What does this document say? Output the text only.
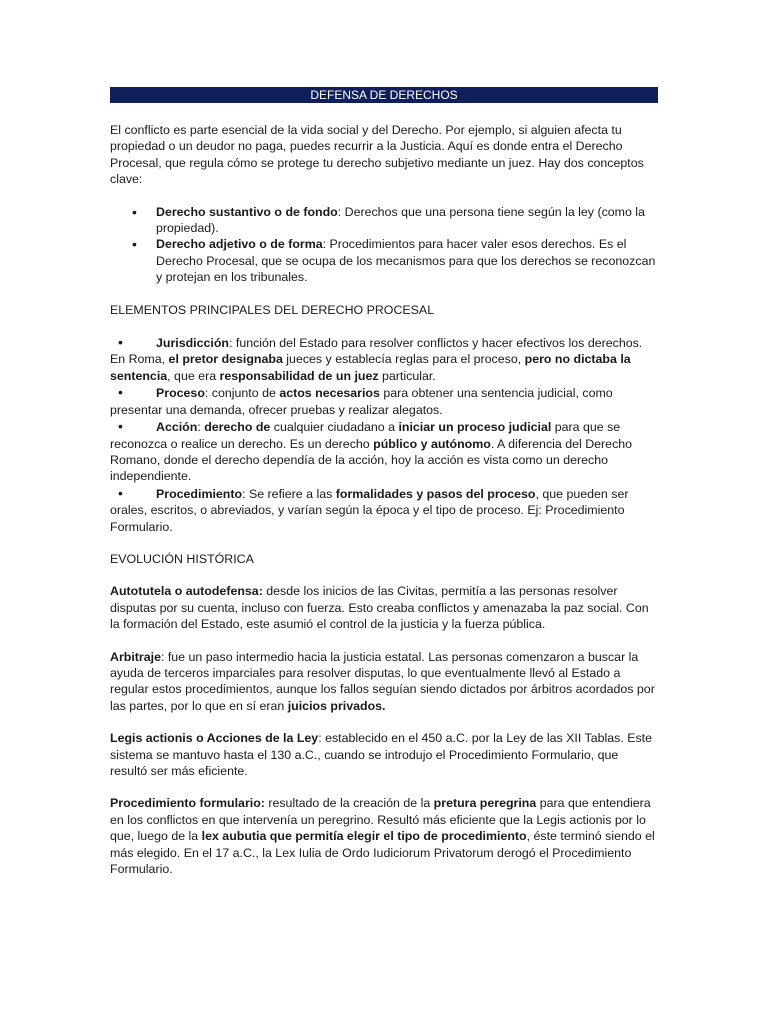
DEFENSA DE DERECHOS

El conflicto es parte esencial de la vida social y del Derecho. Por ejemplo, si alguien afecta tu propiedad o un deudor no paga, puedes recurrir a la Justicia. Aquí es donde entra el Derecho Procesal, que regula cómo se protege tu derecho subjetivo mediante un juez. Hay dos conceptos clave:

• Derecho sustantivo o de fondo: Derechos que una persona tiene según la ley (como la propiedad).
• Derecho adjetivo o de forma: Procedimientos para hacer valer esos derechos. Es el Derecho Procesal, que se ocupa de los mecanismos para que los derechos se reconozcan y protejan en los tribunales.

ELEMENTOS PRINCIPALES DEL DERECHO PROCESAL

•	Jurisdicción: función del Estado para resolver conflictos y hacer efectivos los derechos. En Roma, el pretor designaba jueces y establecía reglas para el proceso, pero no dictaba la sentencia, que era responsabilidad de un juez particular.

•	Proceso: conjunto de actos necesarios para obtener una sentencia judicial, como presentar una demanda, ofrecer pruebas y realizar alegatos.

•	Acción: derecho de cualquier ciudadano a iniciar un proceso judicial para que se reconozca o realice un derecho. Es un derecho público y autónomo. A diferencia del Derecho Romano, donde el derecho dependía de la acción, hoy la acción es vista como un derecho independiente.

•	Procedimiento: Se refiere a las formalidades y pasos del proceso, que pueden ser orales, escritos, o abreviados, y varían según la época y el tipo de proceso. Ej: Procedimiento Formulario.

EVOLUCIÓN HISTÓRICA

Autotutela o autodefensa: desde los inicios de las Civitas, permitía a las personas resolver disputas por su cuenta, incluso con fuerza. Esto creaba conflictos y amenazaba la paz social. Con la formación del Estado, este asumió el control de la justicia y la fuerza pública.

Arbitraje: fue un paso intermedio hacia la justicia estatal. Las personas comenzaron a buscar la ayuda de terceros imparciales para resolver disputas, lo que eventualmente llevó al Estado a regular estos procedimientos, aunque los fallos seguían siendo dictados por árbitros acordados por las partes, por lo que en sí eran juicios privados.

Legis actionis o Acciones de la Ley: establecido en el 450 a.C. por la Ley de las XII Tablas. Este sistema se mantuvo hasta el 130 a.C., cuando se introdujo el Procedimiento Formulario, que resultó ser más eficiente.

Procedimiento formulario: resultado de la creación de la pretura peregrina para que entendiera en los conflictos en que intervenía un peregrino. Resultó más eficiente que la Legis actionis por lo que, luego de la lex aubutia que permitía elegir el tipo de procedimiento, éste terminó siendo el más elegido. En el 17 a.C., la Lex Iulia de Ordo Iudiciorum Privatorum derogó el Procedimiento Formulario.
